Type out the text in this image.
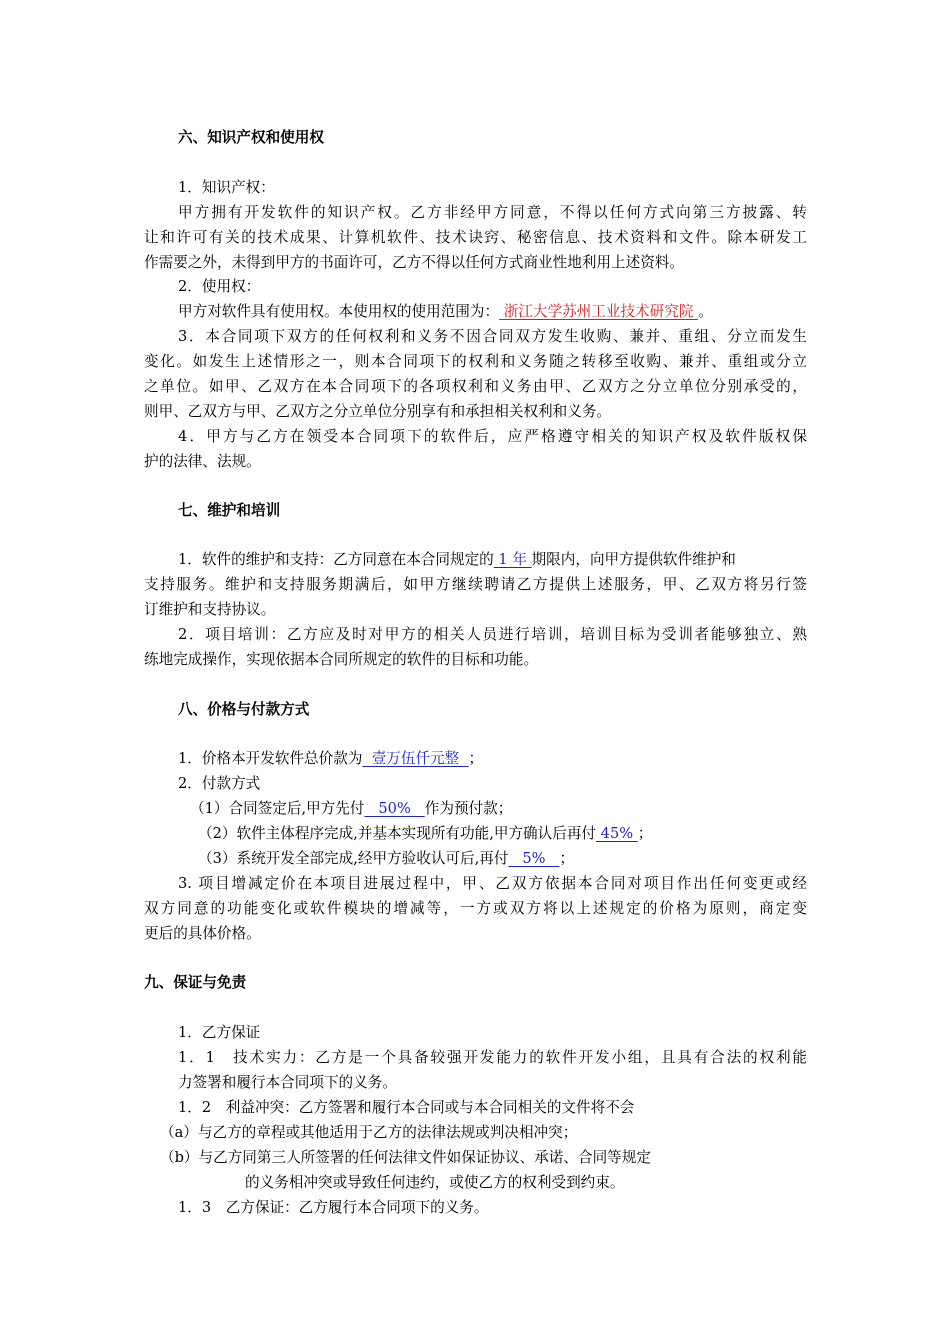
六、知识产权和使用权
1．知识产权：
甲方拥有开发软件的知识产权。乙方非经甲方同意，不得以任何方式向第三方披露、转
让和许可有关的技术成果、计算机软件、技术诀窍、秘密信息、技术资料和文件。除本研发工
作需要之外，未得到甲方的书面许可，乙方不得以任何方式商业性地利用上述资料。
2．使用权：
甲方对软件具有使用权。本使用权的使用范围为： 浙江大学苏州工业技术研究院 。
3．本合同项下双方的任何权利和义务不因合同双方发生收购、兼并、重组、分立而发生
变化。如发生上述情形之一，则本合同项下的权利和义务随之转移至收购、兼并、重组或分立
之单位。如甲、乙双方在本合同项下的各项权利和义务由甲、乙双方之分立单位分别承受的，
则甲、乙双方与甲、乙双方之分立单位分别享有和承担相关权利和义务。
4．甲方与乙方在领受本合同项下的软件后，应严格遵守相关的知识产权及软件版权保
护的法律、法规。
七、维护和培训
1．软件的维护和支持：乙方同意在本合同规定的 1 年 期限内，向甲方提供软件维护和
支持服务。维护和支持服务期满后，如甲方继续聘请乙方提供上述服务，甲、乙双方将另行签
订维护和支持协议。
2．项目培训：乙方应及时对甲方的相关人员进行培训，培训目标为受训者能够独立、熟
练地完成操作，实现依据本合同所规定的软件的目标和功能。
八、价格与付款方式
1．价格本开发软件总价款为  壹万伍仟元整  ；
2．付款方式
（1）合同签定后,甲方先付   50%   作为预付款；
（2）软件主体程序完成,并基本实现所有功能,甲方确认后再付 45% ；
（3）系统开发全部完成,经甲方验收认可后,再付   5%   ；
3. 项目增减定价在本项目进展过程中，甲、乙双方依据本合同对项目作出任何变更或经
双方同意的功能变化或软件模块的增减等，一方或双方将以上述规定的价格为原则，商定变
更后的具体价格。
九、保证与免责
1．乙方保证
1．1　技术实力：乙方是一个具备较强开发能力的软件开发小组，且具有合法的权利能
力签署和履行本合同项下的义务。
1．2　利益冲突：乙方签署和履行本合同或与本合同相关的文件将不会
（a）与乙方的章程或其他适用于乙方的法律法规或判决相冲突；
（b）与乙方同第三人所签署的任何法律文件如保证协议、承诺、合同等规定
的义务相冲突或导致任何违约，或使乙方的权利受到约束。
1．3　乙方保证：乙方履行本合同项下的义务。
